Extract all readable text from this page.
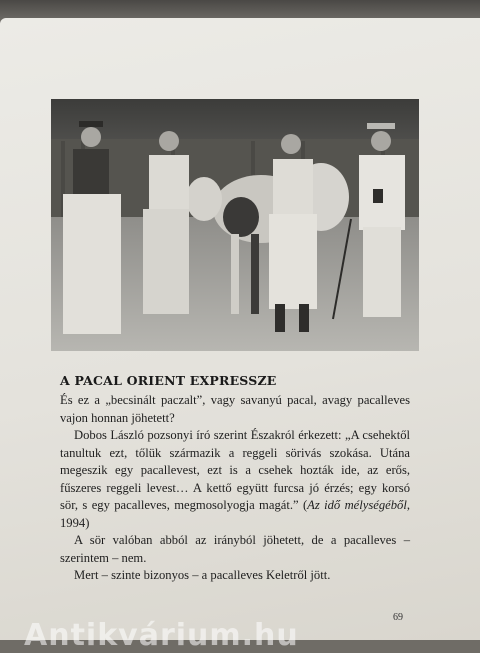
A PACAL ORIENT EXPRESSZE

És ez a „becsinált paczalt”, vagy savanyú pacal, avagy pacalleves vajon honnan jöhetett?

Dobos László pozsonyi író szerint Északról érkezett: „A csehektől tanultuk ezt, tőlük származik a reggeli sörivás szokása. Utána megeszik egy pacallevest, ezt is a csehek hozták ide, az erős, fűszeres reggeli levest… A kettő együtt furcsa jó érzés; egy korsó sör, s egy pacalleves, megmosolyogja magát.” (Az idő mélységéből, 1994)

A sör valóban abból az irányból jöhetett, de a pacalleves – szerintem – nem.

Mert – szinte bizonyos – a pacalleves Keletről jött.

69
Antikvárium.hu
